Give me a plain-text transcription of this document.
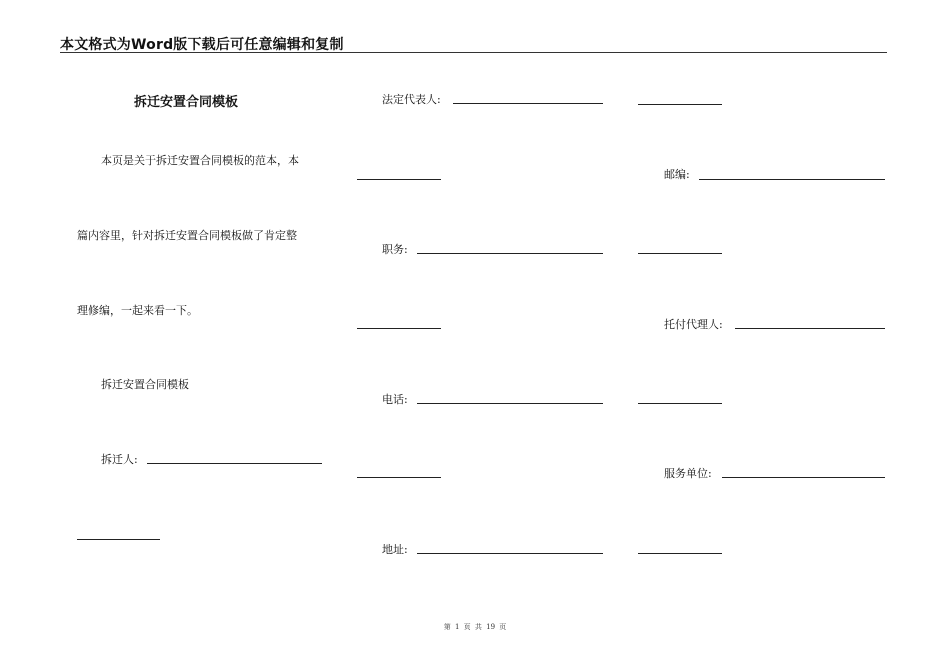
本文格式为Word版下载后可任意编辑和复制
拆迁安置合同模板
本页是关于拆迁安置合同模板的范本，本
篇内容里，针对拆迁安置合同模板做了肯定整
理修编，一起来看一下。
拆迁安置合同模板
拆迁人:
法定代表人:
职务:
电话:
地址:
邮编:
托付代理人:
服务单位:
第 1 页 共 19 页
